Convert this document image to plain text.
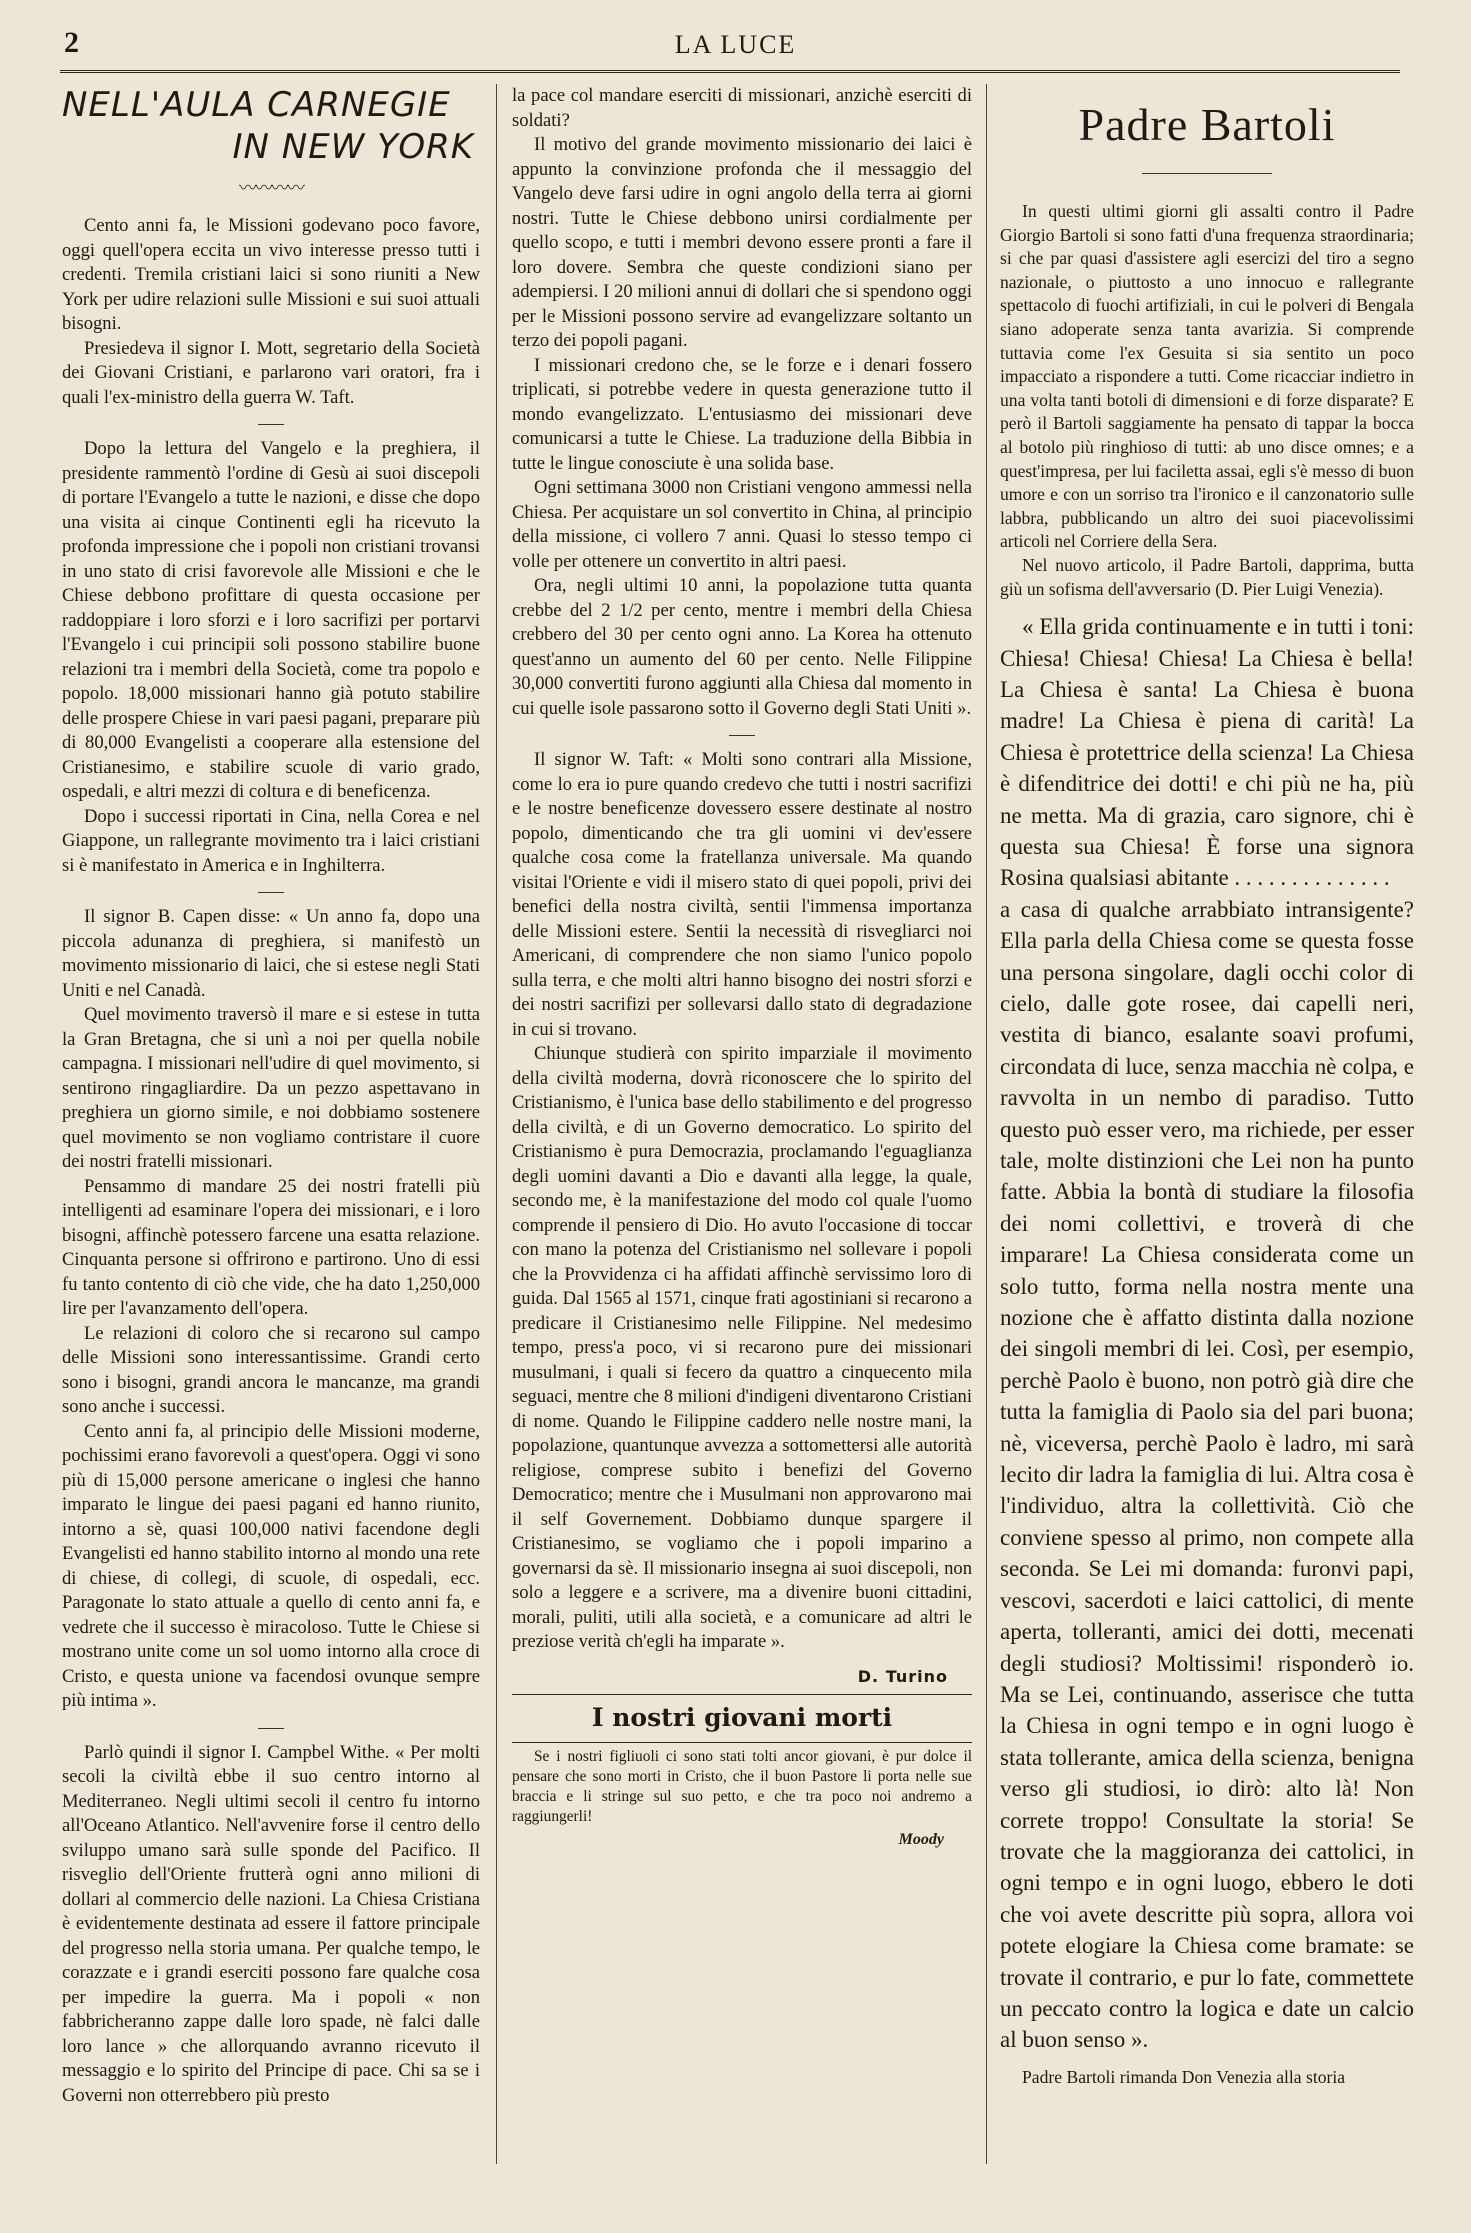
2	LA LUCE
NELL'AULA CARNEGIE
IN NEW YORK
〰〰〰〰

Cento anni fa, le Missioni godevano poco favore, oggi quell'opera eccita un vivo interesse presso tutti i credenti. Tremila cristiani laici si sono riuniti a New York per udire relazioni sulle Missioni e sui suoi attuali bisogni.

Presiedeva il signor I. Mott, segretario della Società dei Giovani Cristiani, e parlarono vari oratori, fra i quali l'ex-ministro della guerra W. Taft.

Dopo la lettura del Vangelo e la preghiera, il presidente rammentò l'ordine di Gesù ai suoi discepoli di portare l'Evangelo a tutte le nazioni, e disse che dopo una visita ai cinque Continenti egli ha ricevuto la profonda impressione che i popoli non cristiani trovansi in uno stato di crisi favorevole alle Missioni e che le Chiese debbono profittare di questa occasione per raddoppiare i loro sforzi e i loro sacrifizi per portarvi l'Evangelo i cui principii soli possono stabilire buone relazioni tra i membri della Società, come tra popolo e popolo. 18,000 missionari hanno già potuto stabilire delle prospere Chiese in vari paesi pagani, preparare più di 80,000 Evangelisti a cooperare alla estensione del Cristianesimo, e stabilire scuole di vario grado, ospedali, e altri mezzi di coltura e di beneficenza.

Dopo i successi riportati in Cina, nella Corea e nel Giappone, un rallegrante movimento tra i laici cristiani si è manifestato in America e in Inghilterra.

Il signor B. Capen disse: « Un anno fa, dopo una piccola adunanza di preghiera, si manifestò un movimento missionario di laici, che si estese negli Stati Uniti e nel Canadà.

Quel movimento traversò il mare e si estese in tutta la Gran Bretagna, che si unì a noi per quella nobile campagna. I missionari nell'udire di quel movimento, si sentirono ringagliardire. Da un pezzo aspettavano in preghiera un giorno simile, e noi dobbiamo sostenere quel movimento se non vogliamo contristare il cuore dei nostri fratelli missionari.

Pensammo di mandare 25 dei nostri fratelli più intelligenti ad esaminare l'opera dei missionari, e i loro bisogni, affinchè potessero farcene una esatta relazione. Cinquanta persone si offrirono e partirono. Uno di essi fu tanto contento di ciò che vide, che ha dato 1,250,000 lire per l'avanzamento dell'opera.

Le relazioni di coloro che si recarono sul campo delle Missioni sono interessantissime. Grandi certo sono i bisogni, grandi ancora le mancanze, ma grandi sono anche i successi.

Cento anni fa, al principio delle Missioni moderne, pochissimi erano favorevoli a quest'opera. Oggi vi sono più di 15,000 persone americane o inglesi che hanno imparato le lingue dei paesi pagani ed hanno riunito, intorno a sè, quasi 100,000 nativi facendone degli Evangelisti ed hanno stabilito intorno al mondo una rete di chiese, di collegi, di scuole, di ospedali, ecc. Paragonate lo stato attuale a quello di cento anni fa, e vedrete che il successo è miracoloso. Tutte le Chiese si mostrano unite come un sol uomo intorno alla croce di Cristo, e questa unione va facendosi ovunque sempre più intima ».

Parlò quindi il signor I. Campbel Withe. « Per molti secoli la civiltà ebbe il suo centro intorno al Mediterraneo. Negli ultimi secoli il centro fu intorno all'Oceano Atlantico. Nell'avvenire forse il centro dello sviluppo umano sarà sulle sponde del Pacifico. Il risveglio dell'Oriente frutterà ogni anno milioni di dollari al commercio delle nazioni. La Chiesa Cristiana è evidentemente destinata ad essere il fattore principale del progresso nella storia umana. Per qualche tempo, le corazzate e i grandi eserciti possono fare qualche cosa per impedire la guerra. Ma i popoli « non fabbricheranno zappe dalle loro spade, nè falci dalle loro lance » che allorquando avranno ricevuto il messaggio e lo spirito del Principe di pace. Chi sa se i Governi non otterrebbero più presto

la pace col mandare eserciti di missionari, anzichè eserciti di soldati?

Il motivo del grande movimento missionario dei laici è appunto la convinzione profonda che il messaggio del Vangelo deve farsi udire in ogni angolo della terra ai giorni nostri. Tutte le Chiese debbono unirsi cordialmente per quello scopo, e tutti i membri devono essere pronti a fare il loro dovere. Sembra che queste condizioni siano per adempiersi. I 20 milioni annui di dollari che si spendono oggi per le Missioni possono servire ad evangelizzare soltanto un terzo dei popoli pagani.

I missionari credono che, se le forze e i denari fossero triplicati, si potrebbe vedere in questa generazione tutto il mondo evangelizzato. L'entusiasmo dei missionari deve comunicarsi a tutte le Chiese. La traduzione della Bibbia in tutte le lingue conosciute è una solida base.

Ogni settimana 3000 non Cristiani vengono ammessi nella Chiesa. Per acquistare un sol convertito in China, al principio della missione, ci vollero 7 anni. Quasi lo stesso tempo ci volle per ottenere un convertito in altri paesi.

Ora, negli ultimi 10 anni, la popolazione tutta quanta crebbe del 2 1/2 per cento, mentre i membri della Chiesa crebbero del 30 per cento ogni anno. La Korea ha ottenuto quest'anno un aumento del 60 per cento. Nelle Filippine 30,000 convertiti furono aggiunti alla Chiesa dal momento in cui quelle isole passarono sotto il Governo degli Stati Uniti ».

Il signor W. Taft: « Molti sono contrari alla Missione, come lo era io pure quando credevo che tutti i nostri sacrifizi e le nostre beneficenze dovessero essere destinate al nostro popolo, dimenticando che tra gli uomini vi dev'essere qualche cosa come la fratellanza universale. Ma quando visitai l'Oriente e vidi il misero stato di quei popoli, privi dei benefici della nostra civiltà, sentii l'immensa importanza delle Missioni estere. Sentii la necessità di risvegliarci noi Americani, di comprendere che non siamo l'unico popolo sulla terra, e che molti altri hanno bisogno dei nostri sforzi e dei nostri sacrifizi per sollevarsi dallo stato di degradazione in cui si trovano.

Chiunque studierà con spirito imparziale il movimento della civiltà moderna, dovrà riconoscere che lo spirito del Cristianismo, è l'unica base dello stabilimento e del progresso della civiltà, e di un Governo democratico. Lo spirito del Cristianismo è pura Democrazia, proclamando l'eguaglianza degli uomini davanti a Dio e davanti alla legge, la quale, secondo me, è la manifestazione del modo col quale l'uomo comprende il pensiero di Dio. Ho avuto l'occasione di toccar con mano la potenza del Cristianismo nel sollevare i popoli che la Provvidenza ci ha affidati affinchè servissimo loro di guida. Dal 1565 al 1571, cinque frati agostiniani si recarono a predicare il Cristianesimo nelle Filippine. Nel medesimo tempo, press'a poco, vi si recarono pure dei missionari musulmani, i quali si fecero da quattro a cinquecento mila seguaci, mentre che 8 milioni d'indigeni diventarono Cristiani di nome. Quando le Filippine caddero nelle nostre mani, la popolazione, quantunque avvezza a sottomettersi alle autorità religiose, comprese subito i benefizi del Governo Democratico; mentre che i Musulmani non approvarono mai il self Governement. Dobbiamo dunque spargere il Cristianesimo, se vogliamo che i popoli imparino a governarsi da sè. Il missionario insegna ai suoi discepoli, non solo a leggere e a scrivere, ma a divenire buoni cittadini, morali, puliti, utili alla società, e a comunicare ad altri le preziose verità ch'egli ha imparate ».

D. Turino
I nostri giovani morti

Se i nostri figliuoli ci sono stati tolti ancor giovani, è pur dolce il pensare che sono morti in Cristo, che il buon Pastore li porta nelle sue braccia e li stringe sul suo petto, e che tra poco noi andremo a raggiungerli!

Moody
Padre Bartoli

In questi ultimi giorni gli assalti contro il Padre Giorgio Bartoli si sono fatti d'una frequenza straordinaria; si che par quasi d'assistere agli esercizi del tiro a segno nazionale, o piuttosto a uno innocuo e rallegrante spettacolo di fuochi artifiziali, in cui le polveri di Bengala siano adoperate senza tanta avarizia. Si comprende tuttavia come l'ex Gesuita si sia sentito un poco impacciato a rispondere a tutti. Come ricacciar indietro in una volta tanti botoli di dimensioni e di forze disparate? E però il Bartoli saggiamente ha pensato di tappar la bocca al botolo più ringhioso di tutti: ab uno disce omnes; e a quest'impresa, per lui faciletta assai, egli s'è messo di buon umore e con un sorriso tra l'ironico e il canzonatorio sulle labbra, pubblicando un altro dei suoi piacevolissimi articoli nel Corriere della Sera.

Nel nuovo articolo, il Padre Bartoli, dapprima, butta giù un sofisma dell'avversario (D. Pier Luigi Venezia).

« Ella grida continuamente e in tutti i toni: Chiesa! Chiesa! Chiesa! La Chiesa è bella! La Chiesa è santa! La Chiesa è buona madre! La Chiesa è piena di carità! La Chiesa è protettrice della scienza! La Chiesa è difenditrice dei dotti! e chi più ne ha, più ne metta. Ma di grazia, caro signore, chi è questa sua Chiesa! È forse una signora Rosina qualsiasi abitante . . . . . . . . . . . . . .

a casa di qualche arrabbiato intransigente? Ella parla della Chiesa come se questa fosse una persona singolare, dagli occhi color di cielo, dalle gote rosee, dai capelli neri, vestita di bianco, esalante soavi profumi, circondata di luce, senza macchia nè colpa, e ravvolta in un nembo di paradiso. Tutto questo può esser vero, ma richiede, per esser tale, molte distinzioni che Lei non ha punto fatte. Abbia la bontà di studiare la filosofia dei nomi collettivi, e troverà di che imparare! La Chiesa considerata come un solo tutto, forma nella nostra mente una nozione che è affatto distinta dalla nozione dei singoli membri di lei. Così, per esempio, perchè Paolo è buono, non potrò già dire che tutta la famiglia di Paolo sia del pari buona; nè, viceversa, perchè Paolo è ladro, mi sarà lecito dir ladra la famiglia di lui. Altra cosa è l'individuo, altra la collettività. Ciò che conviene spesso al primo, non compete alla seconda. Se Lei mi domanda: furonvi papi, vescovi, sacerdoti e laici cattolici, di mente aperta, tolleranti, amici dei dotti, mecenati degli studiosi? Moltissimi! risponderò io. Ma se Lei, continuando, asserisce che tutta la Chiesa in ogni tempo e in ogni luogo è stata tollerante, amica della scienza, benigna verso gli studiosi, io dirò: alto là! Non correte troppo! Consultate la storia! Se trovate che la maggioranza dei cattolici, in ogni tempo e in ogni luogo, ebbero le doti che voi avete descritte più sopra, allora voi potete elogiare la Chiesa come bramate: se trovate il contrario, e pur lo fate, commettete un peccato contro la logica e date un calcio al buon senso ».

Padre Bartoli rimanda Don Venezia alla storia
